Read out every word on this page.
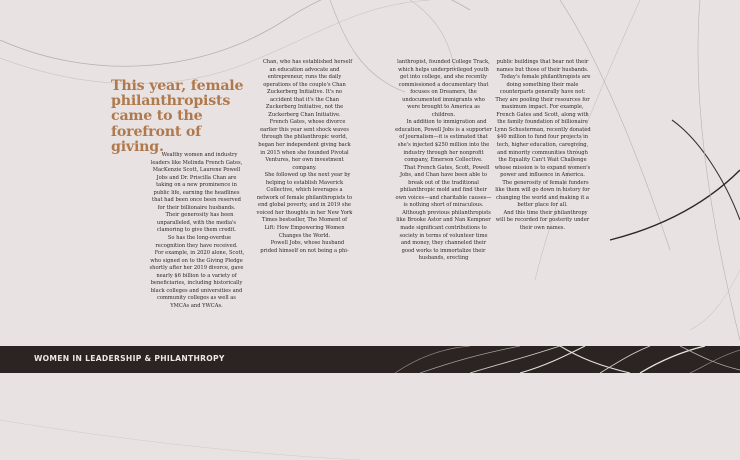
This year, female philanthropists came to the forefront of giving.

Wealthy women and industry leaders like Melinda French Gates, MacKenzie Scott, Laurene Powell Jobs and Dr. Priscilla Chan are taking on a new prominence in public life, earning the headlines that had been once been reserved for their billionaire husbands.

Their generosity has been unparalleled, with the media's clamoring to give them credit.

So has the long-overdue recognition they have received.

For example, in 2020 alone, Scott, who signed on to the Giving Pledge shortly after her 2019 divorce, gave nearly $6 billion to a variety of beneficiaries, including historically black colleges and universities and community colleges as well as YMCAs and YWCAs.

Chan, who has established herself an education advocate and entrepreneur, runs the daily operations of the couple's Chan Zuckerberg Initiative. It's no accident that it's the Chan Zuckerberg Initiative, not the Zuckerberg Chan Initiative.

French Gates, whose divorce earlier this year sent shock waves through the philanthropic world, began her independent giving back in 2015 when she founded Pivotal Ventures, her own investment company.

She followed up the next year by helping to establish Maverick Collective, which leverages a network of female philanthropists to end global poverty, and in 2019 she voiced her thoughts in her New York Times bestseller, The Moment of Lift: How Empowering Women Changes the World.

Powell Jobs, whose husband prided himself on not being a phi-

lanthropist, founded College Track, which helps underprivileged youth get into college, and she recently commissioned a documentary that focuses on Dreamers, the undocumented immigrants who were brought to America as children.

In addition to immigration and education, Powell Jobs is a supporter of journalism—it is estimated that she's injected $250 million into the industry through her nonprofit company, Emerson Collective.

That French Gates, Scott, Powell Jobs, and Chan have been able to break out of the traditional philanthropic mold and find their own voices—and charitable causes—is nothing short of miraculous.

Although previous philanthropists like Brooke Astor and Nan Kempner made significant contributions to society in terms of volunteer time and money, they channeled their good works to immortalize their husbands, erecting

public buildings that bear not their names but those of their husbands.

Today's female philanthropists are doing something their male counterparts generally have not: They are pooling their resources for maximum impact. For example, French Gates and Scott, along with the family foundation of billionaire Lynn Schusterman, recently donated $40 million to fund four projects in tech, higher education, caregiving, and minority communities through the Equality Can't Wait Challenge whose mission is to expand women's power and influence in America.

The generosity of female funders like them will go down in history for changing the world and making it a better place for all.

And this time their philanthropy will be recorded for posterity under their own names.

WOMEN IN LEADERSHIP & PHILANTHROPY
